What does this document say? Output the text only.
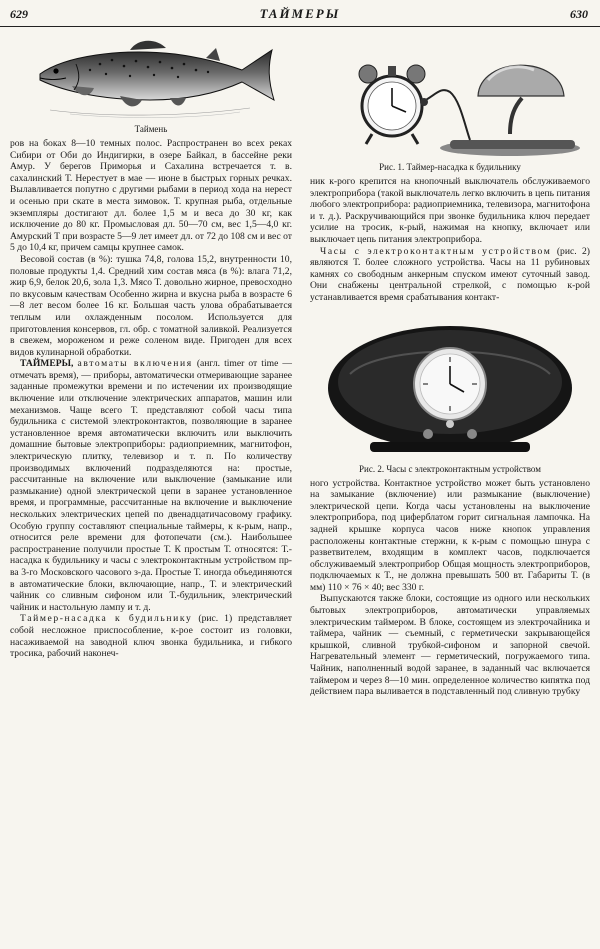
629	ТАЙМЕРЫ	630
Таймень

ров на боках 8—10 темных полос. Распространен во всех реках Сибири от Оби до Индигирки, в озере Байкал, в бассейне реки Амур. У берегов Приморья и Сахалина встречается т. в. сахалинский Т. Нерестует в мае — июне в быстрых горных речках. Вылавливается попутно с другими рыбами в период хода на нерест и осенью при скате в места зимовок. Т. крупная рыба, отдельные экземпляры достигают дл. более 1,5 м и веса до 30 кг, как исключение до 80 кг. Промысловая дл. 50—70 см, вес 1,5—4,0 кг. Амурский Т при возрасте 5—9 лет имеет дл. от 72 до 108 см и вес от 5 до 10,4 кг, причем самцы крупнее самок.

Весовой состав (в %): тушка 74,8, голова 15,2, внутренности 10, половые продукты 1,4. Средний хим состав мяса (в %): влага 71,2, жир 6,9, белок 20,6, зола 1,3. Мясо Т. довольно жирное, превосходно по вкусовым качествам Особенно жирна и вкусна рыба в возрасте 6—8 лет весом более 16 кг. Большая часть улова обрабатывается теплым или охлажденным посолом. Используется для приготовления консервов, гл. обр. с томатной заливкой. Реализуется в свежем, мороженом и реже соленом виде. Пригоден для всех видов кулинарной обработки.

ТАЙМЕРЫ, автоматы включения (англ. timer от time — отмечать время), — приборы, автоматически отмеривающие заранее заданные промежутки времени и по истечении их производящие включение или отключение электрических аппаратов, машин или механизмов. Чаще всего Т. представляют собой часы типа будильника с системой электроконтактов, позволяющие в заранее установленное время автоматически включить или выключить домашние бытовые электроприборы: радиоприемник, магнитофон, электрическую плитку, телевизор и т. п. По количеству производимых включений подразделяются на: простые, рассчитанные на включение или выключение (замыкание или размыкание) одной электрической цепи в заранее установленное время, и программные, рассчитанные на включение и выключение нескольких электрических цепей по двенадцатичасовому графику. Особую группу составляют специальные таймеры, к к-рым, напр., относится реле времени для фотопечати (см.). Наибольшее распространение получили простые Т. К простым Т. относятся: Т.-насадка к будильнику и часы с электроконтактным устройством пр-ва 3-го Московского часового з-да. Простые Т. иногда объединяются в автоматические блоки, включающие, напр., Т. и электрический чайник со сливным сифоном или Т.-будильник, электрический чайник и настольную лампу и т. д.

Таймер-насадка к будильнику (рис. 1) представляет собой несложное приспособление, к-рое состоит из головки, насаживаемой на заводной ключ звонка будильника, и гибкого тросика, рабочий наконеч-

Рис. 1. Таймер-насадка к будильнику

ник к-рого крепится на кнопочный выключатель обслуживаемого электроприбора (такой выключатель легко включить в цепь питания любого электроприбора: радиоприемника, телевизора, магнитофона и т. д.). Раскручивающийся при звонке будильника ключ передает усилие на тросик, к-рый, нажимая на кнопку, включает или выключает цепь питания электроприбора.

Часы с электроконтактным устройством (рис. 2) являются Т. более сложного устройства. Часы на 11 рубиновых камнях со свободным анкерным спуском имеют суточный завод. Они снабжены центральной стрелкой, с помощью к-рой устанавливается время срабатывания контакт-

Рис. 2. Часы с электроконтактным устройством

ного устройства. Контактное устройство может быть установлено на замыкание (включение) или размыкание (выключение) электрической цепи. Когда часы установлены на выключение электроприбора, под циферблатом горит сигнальная лампочка. На задней крышке корпуса часов ниже кнопок управления расположены контактные стержни, к к-рым с помощью шнура с разветвителем, входящим в комплект часов, подключается обслуживаемый электроприбор Общая мощность электроприборов, подключаемых к Т., не должна превышать 500 вт. Габариты Т. (в мм) 110 × 76 × 40; вес 330 г.

Выпускаются также блоки, состоящие из одного или нескольких бытовых электроприборов, автоматически управляемых электрическим таймером. В блоке, состоящем из электрочайника и таймера, чайник — съемный, с герметически закрывающейся крышкой, сливной трубкой-сифоном и запорной свечой. Нагревательный элемент — герметический, погружаемого типа. Чайник, наполненный водой заранее, в заданный час включается таймером и через 8—10 мин. определенное количество кипятка под действием пара выливается в подставленный под сливную трубку
